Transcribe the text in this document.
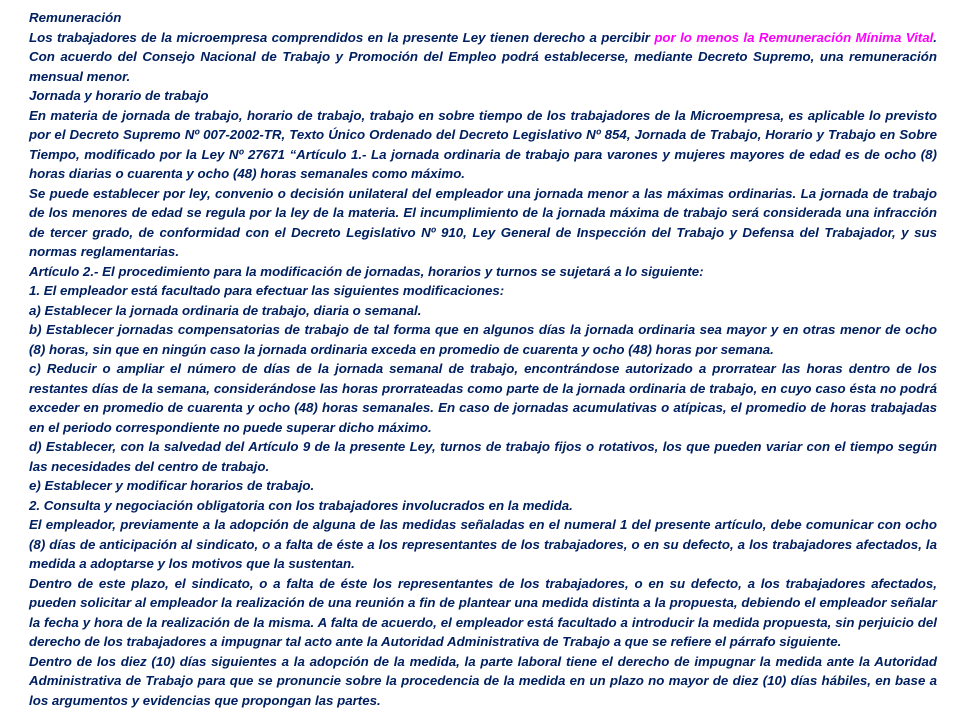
Remuneración

Los trabajadores de la microempresa comprendidos en la presente Ley tienen derecho a percibir por lo menos la Remuneración Mínima Vital. Con acuerdo del Consejo Nacional de Trabajo y Promoción del Empleo podrá establecerse, mediante Decreto Supremo, una remuneración mensual menor.

Jornada y horario de trabajo

En materia de jornada de trabajo, horario de trabajo, trabajo en sobre tiempo de los trabajadores de la Microempresa, es aplicable lo previsto por el Decreto Supremo Nº 007-2002-TR, Texto Único Ordenado del Decreto Legislativo Nº 854, Jornada de Trabajo, Horario y Trabajo en Sobre Tiempo, modificado por la Ley Nº 27671 “Artículo 1.- La jornada ordinaria de trabajo para varones y mujeres mayores de edad es de ocho (8) horas diarias o cuarenta y ocho (48) horas semanales como máximo.

Se puede establecer por ley, convenio o decisión unilateral del empleador una jornada menor a las máximas ordinarias. La jornada de trabajo de los menores de edad se regula por la ley de la materia. El incumplimiento de la jornada máxima de trabajo será considerada una infracción de tercer grado, de conformidad con el Decreto Legislativo Nº 910, Ley General de Inspección del Trabajo y Defensa del Trabajador, y sus normas reglamentarias.

Artículo 2.- El procedimiento para la modificación de jornadas, horarios y turnos se sujetará a lo siguiente:

1. El empleador está facultado para efectuar las siguientes modificaciones:

a) Establecer la jornada ordinaria de trabajo, diaria o semanal.

b) Establecer jornadas compensatorias de trabajo de tal forma que en algunos días la jornada ordinaria sea mayor y en otras menor de ocho (8) horas, sin que en ningún caso la jornada ordinaria exceda en promedio de cuarenta y ocho (48) horas por semana.

c) Reducir o ampliar el número de días de la jornada semanal de trabajo, encontrándose autorizado a prorratear las horas dentro de los restantes días de la semana, considerándose las horas prorrateadas como parte de la jornada ordinaria de trabajo, en cuyo caso ésta no podrá exceder en promedio de cuarenta y ocho (48) horas semanales. En caso de jornadas acumulativas o atípicas, el promedio de horas trabajadas en el periodo correspondiente no puede superar dicho máximo.

d) Establecer, con la salvedad del Artículo 9 de la presente Ley, turnos de trabajo fijos o rotativos, los que pueden variar con el tiempo según las necesidades del centro de trabajo.

e) Establecer y modificar horarios de trabajo.

2. Consulta y negociación obligatoria con los trabajadores involucrados en la medida.

El empleador, previamente a la adopción de alguna de las medidas señaladas en el numeral 1 del presente artículo, debe comunicar con ocho (8) días de anticipación al sindicato, o a falta de éste a los representantes de los trabajadores, o en su defecto, a los trabajadores afectados, la medida a adoptarse y los motivos que la sustentan.

Dentro de este plazo, el sindicato, o a falta de éste los representantes de los trabajadores, o en su defecto, a los trabajadores afectados, pueden solicitar al empleador la realización de una reunión a fin de plantear una medida distinta a la propuesta, debiendo el empleador señalar la fecha y hora de la realización de la misma. A falta de acuerdo, el empleador está facultado a introducir la medida propuesta, sin perjuicio del derecho de los trabajadores a impugnar tal acto ante la Autoridad Administrativa de Trabajo a que se refiere el párrafo siguiente.

Dentro de los diez (10) días siguientes a la adopción de la medida, la parte laboral tiene el derecho de impugnar la medida ante la Autoridad Administrativa de Trabajo para que se pronuncie sobre la procedencia de la medida en un plazo no mayor de diez (10) días hábiles, en base a los argumentos y evidencias que propongan las partes.
